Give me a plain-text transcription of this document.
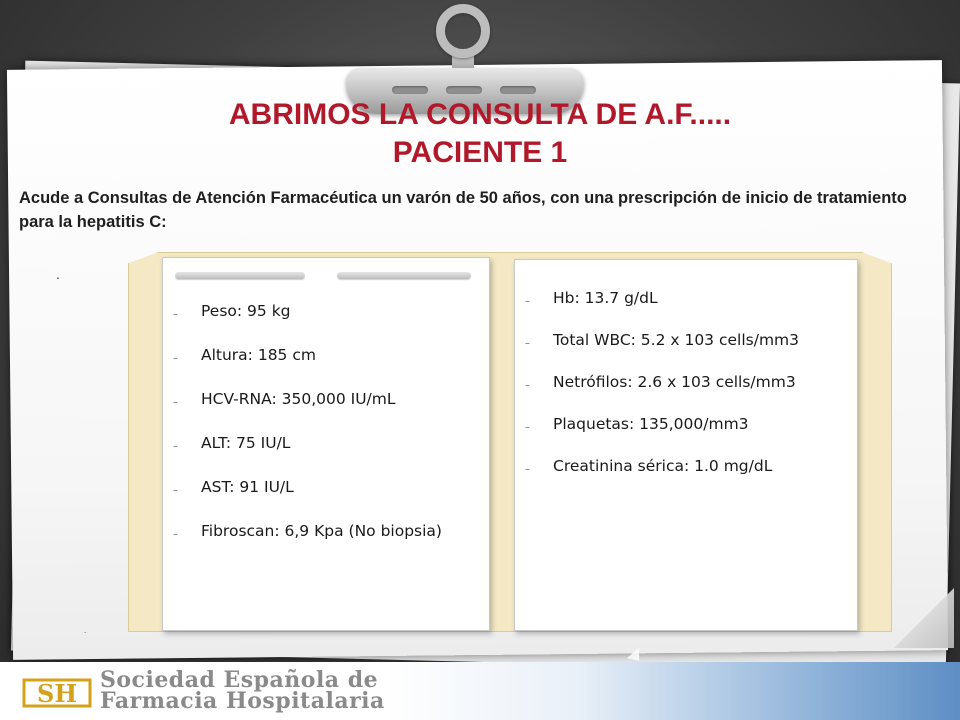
ABRIMOS LA CONSULTA DE A.F.....
PACIENTE 1

Acude a Consultas de Atención Farmacéutica un varón de 50 años, con una prescripción de inicio de tratamiento para la hepatitis C:

.
.
– Peso: 95 kg
– Altura: 185 cm
– HCV-RNA: 350,000 IU/mL
– ALT: 75 IU/L
– AST: 91 IU/L
– Fibroscan: 6,9 Kpa (No biopsia)
– Hb: 13.7 g/dL
– Total WBC: 5.2 x 103 cells/mm3
– Netrófilos: 2.6 x 103 cells/mm3
– Plaquetas: 135,000/mm3
– Creatinina sérica: 1.0 mg/dL
SH Sociedad Española de
Farmacia Hospitalaria
